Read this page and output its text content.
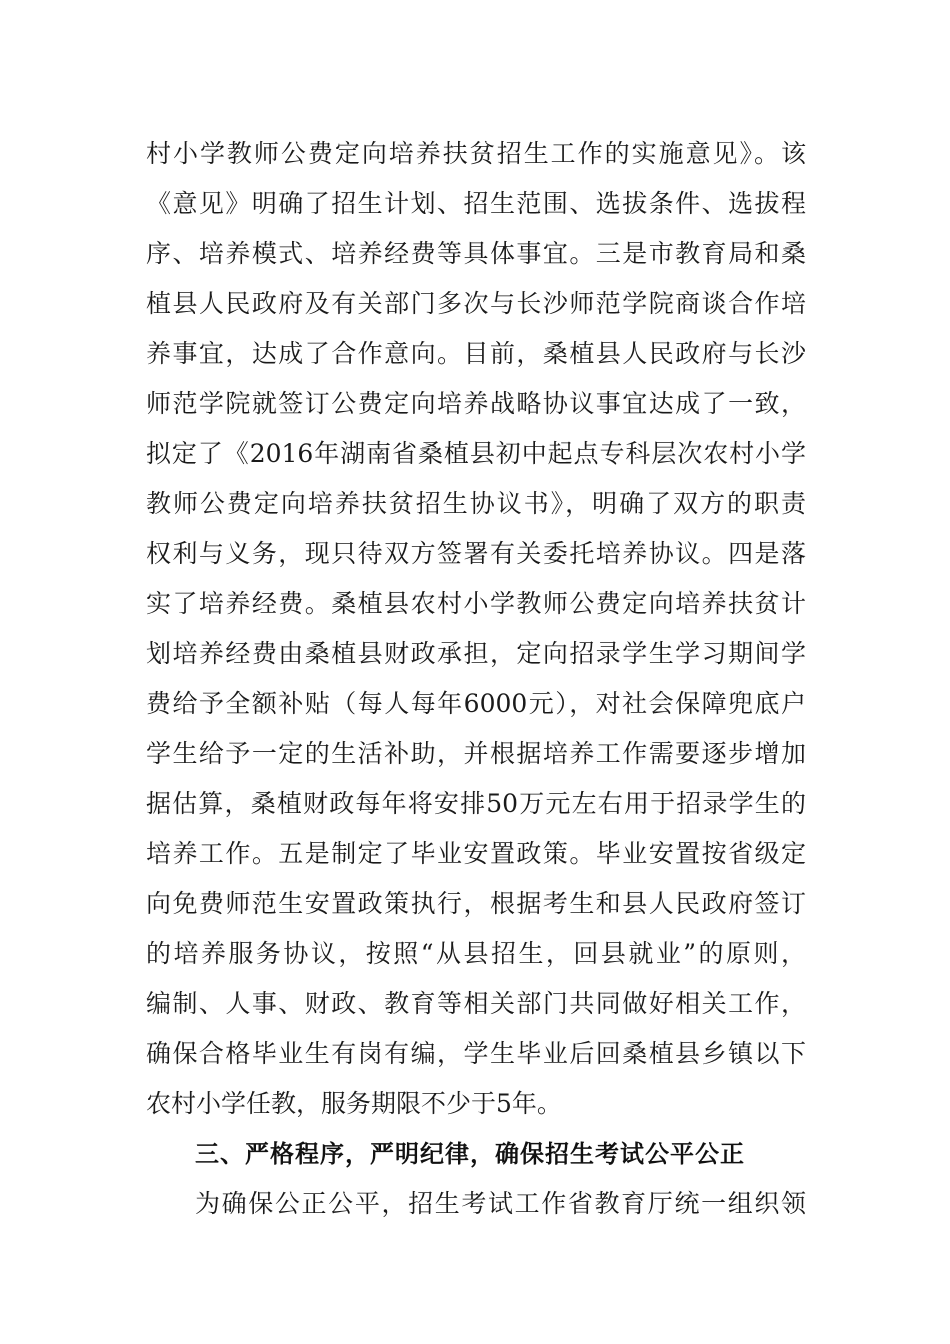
村小学教师公费定向培养扶贫招生工作的实施意见》。该
《意见》明确了招生计划、招生范围、选拔条件、选拔程
序、培养模式、培养经费等具体事宜。三是市教育局和桑
植县人民政府及有关部门多次与长沙师范学院商谈合作培
养事宜，达成了合作意向。目前，桑植县人民政府与长沙
师范学院就签订公费定向培养战略协议事宜达成了一致，
拟定了《2016年湖南省桑植县初中起点专科层次农村小学
教师公费定向培养扶贫招生协议书》，明确了双方的职责
权利与义务，现只待双方签署有关委托培养协议。四是落
实了培养经费。桑植县农村小学教师公费定向培养扶贫计
划培养经费由桑植县财政承担，定向招录学生学习期间学
费给予全额补贴（每人每年6000元），对社会保障兜底户
学生给予一定的生活补助，并根据培养工作需要逐步增加
据估算，桑植财政每年将安排50万元左右用于招录学生的
培养工作。五是制定了毕业安置政策。毕业安置按省级定
向免费师范生安置政策执行，根据考生和县人民政府签订
的培养服务协议，按照“从县招生，回县就业”的原则，
编制、人事、财政、教育等相关部门共同做好相关工作，
确保合格毕业生有岗有编，学生毕业后回桑植县乡镇以下
农村小学任教，服务期限不少于5年。
三、严格程序，严明纪律，确保招生考试公平公正
为确保公正公平，招生考试工作省教育厅统一组织领
